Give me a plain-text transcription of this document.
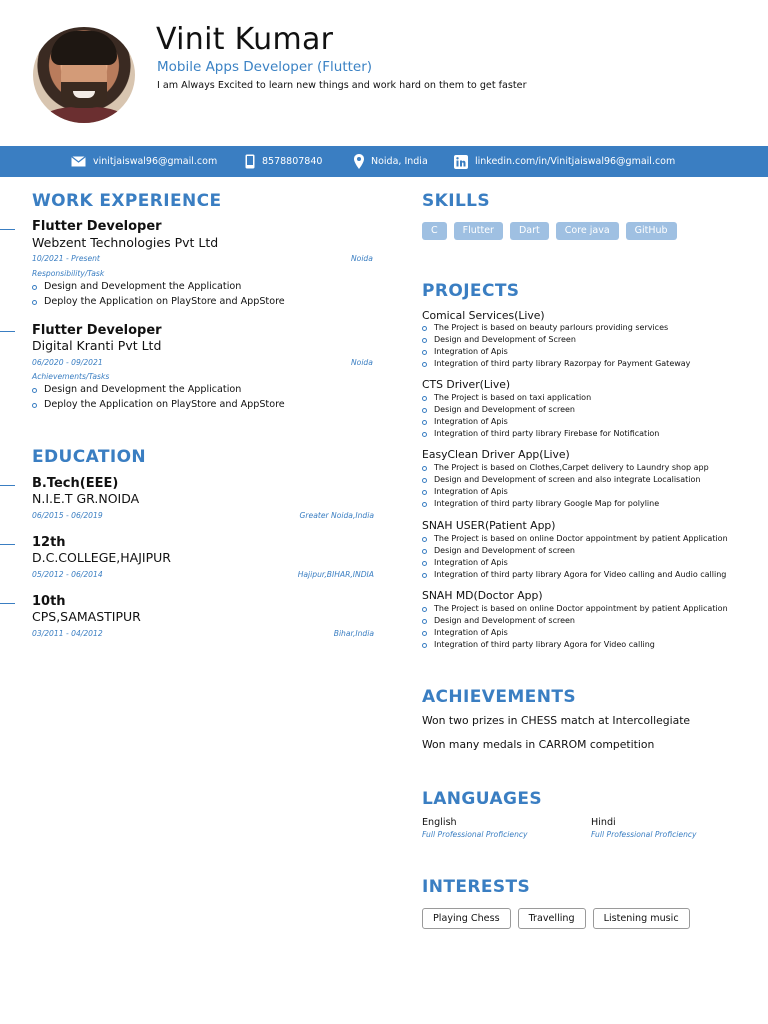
Vinit Kumar
Mobile Apps Developer (Flutter)
I am Always Excited to learn new things and work hard on them to get faster
vinitjaiswal96@gmail.com	8578807840	Noida, India	linkedin.com/in/Vinitjaiswal96@gmail.com
WORK EXPERIENCE
Flutter Developer
Webzent Technologies Pvt Ltd
10/2021 - Present	Noida
Responsibility/Task
Design and Development the Application
Deploy the Application on PlayStore and AppStore
Flutter Developer
Digital Kranti Pvt Ltd
06/2020 - 09/2021	Noida
Achievements/Tasks
Design and Development the Application
Deploy the Application on PlayStore and AppStore
EDUCATION
B.Tech(EEE)
N.I.E.T GR.NOIDA
06/2015 - 06/2019	Greater Noida,India
12th
D.C.COLLEGE,HAJIPUR
05/2012 - 06/2014	Hajipur,BIHAR,INDIA
10th
CPS,SAMASTIPUR
03/2011 - 04/2012	Bihar,India
SKILLS
C	Flutter	Dart	Core java	GitHub
PROJECTS
Comical Services(Live)
The Project is based on beauty parlours providing services
Design and Development of Screen
Integration of Apis
Integration of third party library Razorpay for Payment Gateway
CTS Driver(Live)
The Project is based on taxi application
Design and Development of screen
Integration of Apis
Integration of third party library Firebase for Notification
EasyClean Driver App(Live)
The Project is based on Clothes,Carpet delivery to Laundry shop app
Design and Development of screen and also integrate Localisation
Integration of Apis
Integration of third party library Google Map for polyline
SNAH USER(Patient App)
The Project is based on online Doctor appointment by patient Application
Design and Development of screen
Integration of Apis
Integration of third party library Agora for Video calling and Audio calling
SNAH MD(Doctor App)
The Project is based on online Doctor appointment by patient Application
Design and Development of screen
Integration of Apis
Integration of third party library Agora for Video calling
ACHIEVEMENTS
Won two prizes in CHESS match at Intercollegiate
Won many medals in CARROM competition
LANGUAGES
English
Full Professional Proficiency
Hindi
Full Professional Proficiency
INTERESTS
Playing Chess	Travelling	Listening music
